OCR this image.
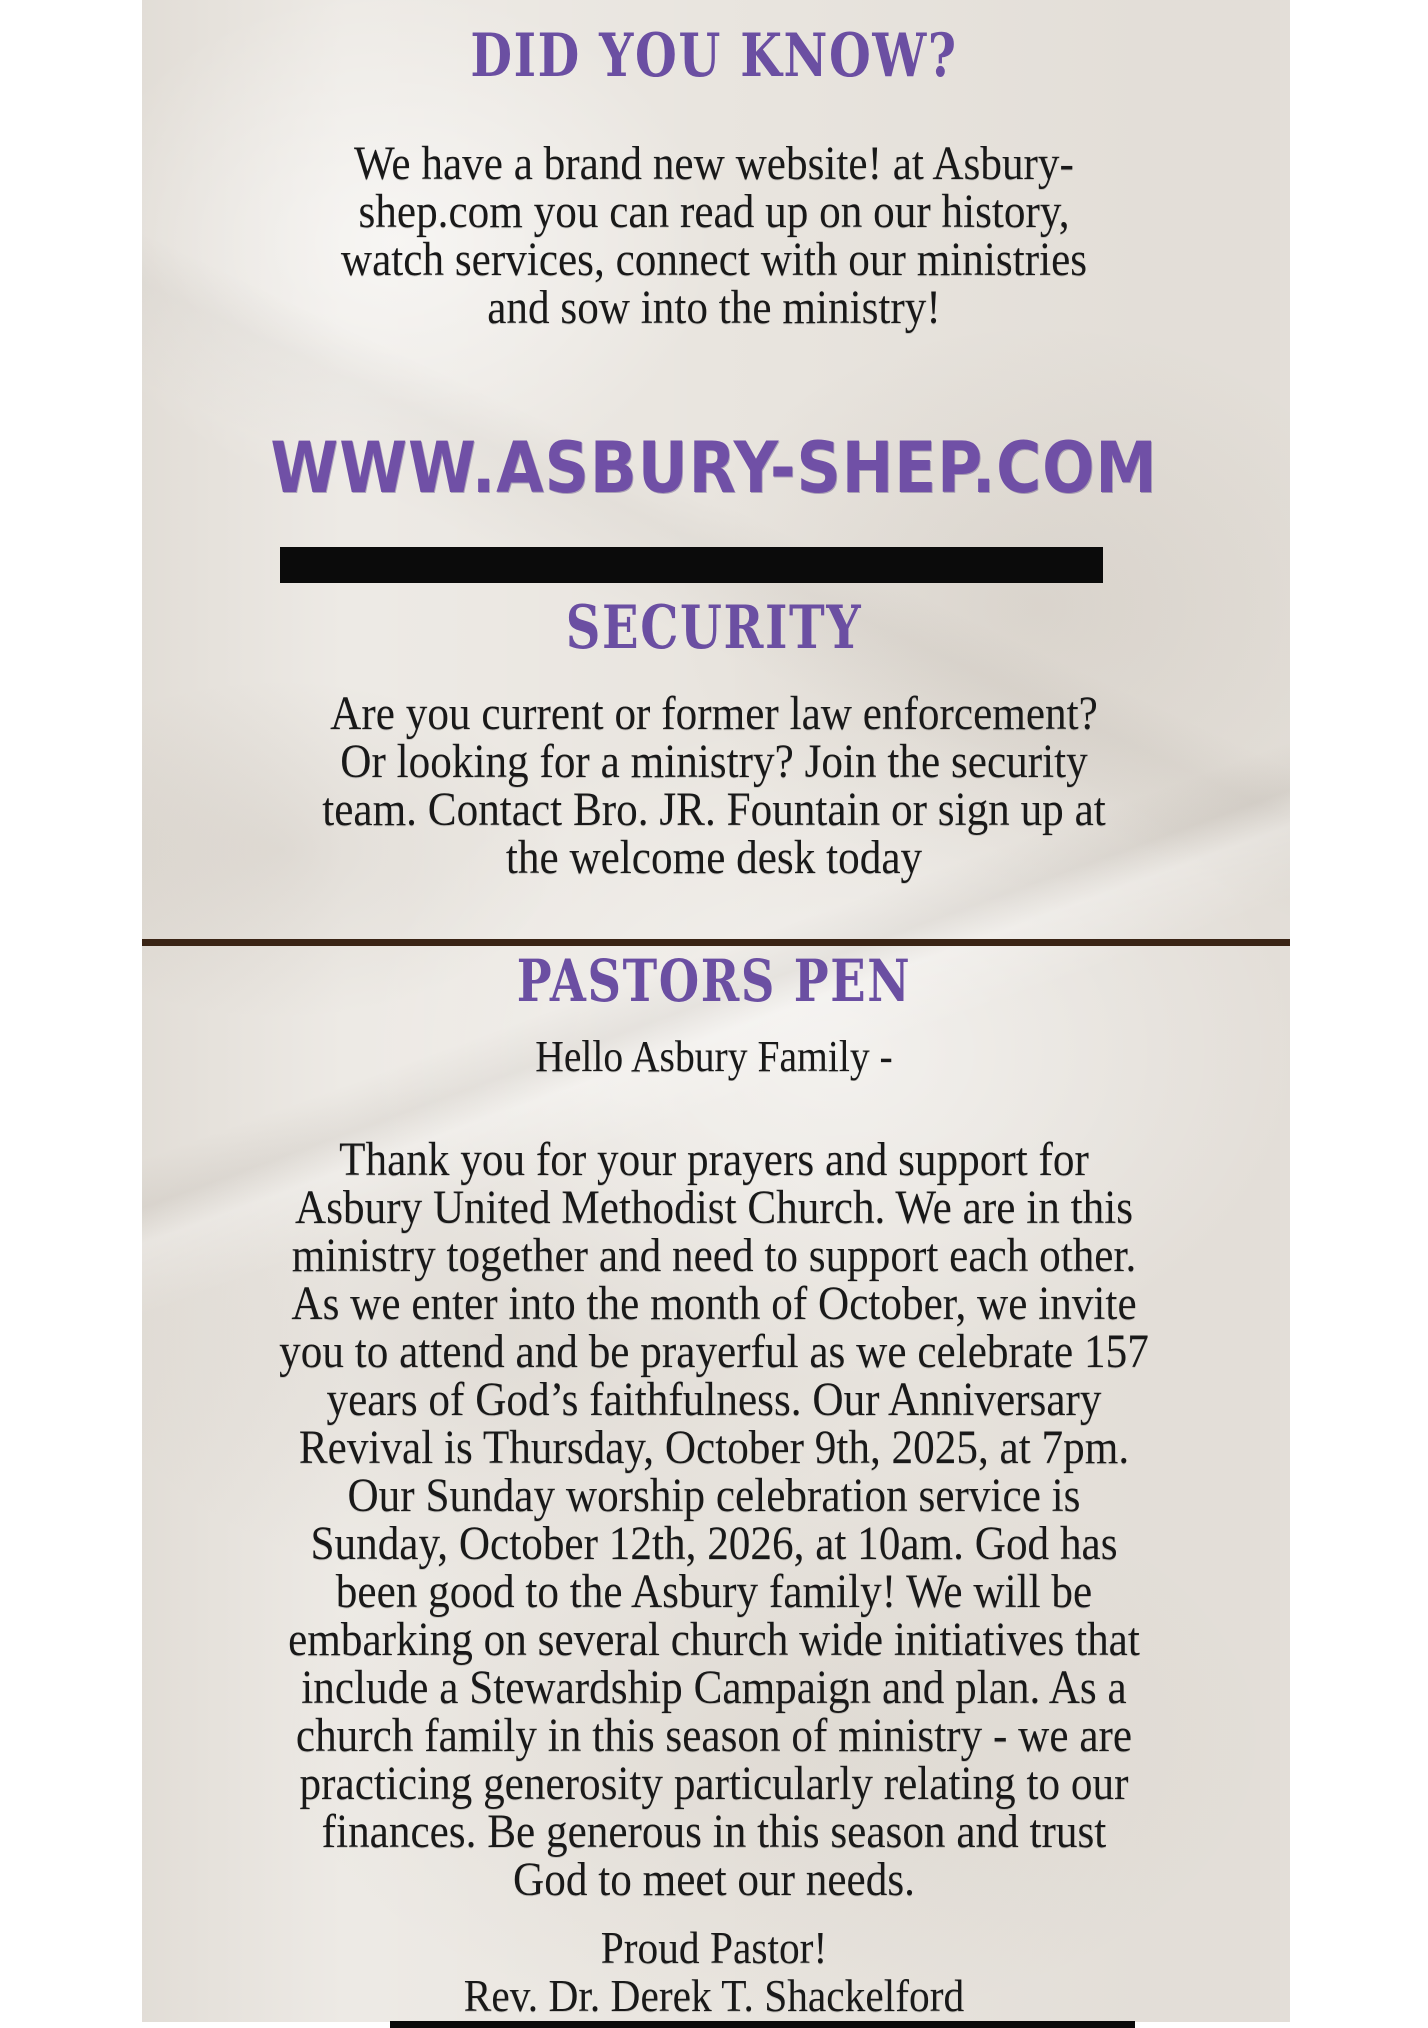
DID YOU KNOW?
We have a brand new website! at Asbury-
shep.com you can read up on our history,
watch services, connect with our ministries
and sow into the ministry!
WWW.ASBURY-SHEP.COM
SECURITY
Are you current or former law enforcement?
Or looking for a ministry? Join the security
team. Contact Bro. JR. Fountain or sign up at
the welcome desk today
PASTORS PEN
Hello Asbury Family -
Thank you for your prayers and support for
Asbury United Methodist Church. We are in this
ministry together and need to support each other.
As we enter into the month of October, we invite
you to attend and be prayerful as we celebrate 157
years of God’s faithfulness. Our Anniversary
Revival is Thursday, October 9th, 2025, at 7pm.
Our Sunday worship celebration service is
Sunday, October 12th, 2026, at 10am. God has
been good to the Asbury family! We will be
embarking on several church wide initiatives that
include a Stewardship Campaign and plan. As a
church family in this season of ministry - we are
practicing generosity particularly relating to our
finances. Be generous in this season and trust
God to meet our needs.
Proud Pastor!
Rev. Dr. Derek T. Shackelford
